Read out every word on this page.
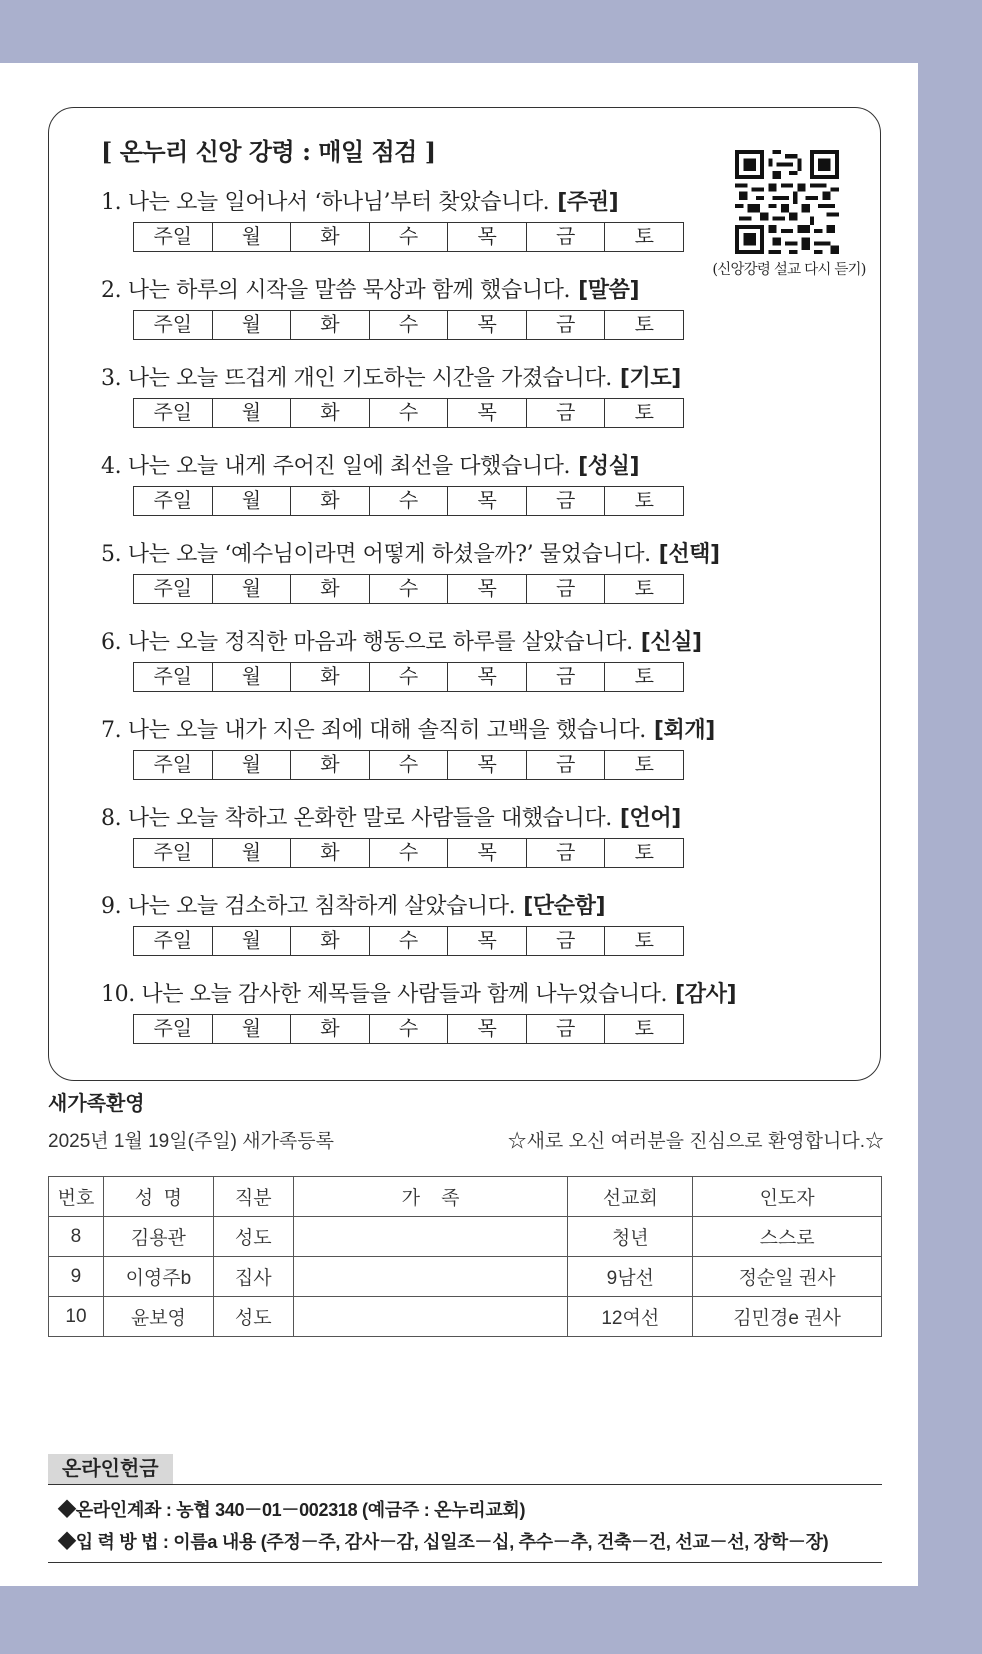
[ 온누리 신앙 강령 : 매일 점검 ]
(신앙강령 설교 다시 듣기)
1. 나는 오늘 일어나서 ‘하나님’부터 찾았습니다. [주권]
주일	월	화	수	목	금	토
2. 나는 하루의 시작을 말씀 묵상과 함께 했습니다. [말씀]
주일	월	화	수	목	금	토
3. 나는 오늘 뜨겁게 개인 기도하는 시간을 가졌습니다. [기도]
주일	월	화	수	목	금	토
4. 나는 오늘 내게 주어진 일에 최선을 다했습니다. [성실]
주일	월	화	수	목	금	토
5. 나는 오늘 ‘예수님이라면 어떻게 하셨을까?’ 물었습니다. [선택]
주일	월	화	수	목	금	토
6. 나는 오늘 정직한 마음과 행동으로 하루를 살았습니다. [신실]
주일	월	화	수	목	금	토
7. 나는 오늘 내가 지은 죄에 대해 솔직히 고백을 했습니다. [회개]
주일	월	화	수	목	금	토
8. 나는 오늘 착하고 온화한 말로 사람들을 대했습니다. [언어]
주일	월	화	수	목	금	토
9. 나는 오늘 검소하고 침착하게 살았습니다. [단순함]
주일	월	화	수	목	금	토
10. 나는 오늘 감사한 제목들을 사람들과 함께 나누었습니다. [감사]
주일	월	화	수	목	금	토
새가족환영
2025년 1월 19일(주일) 새가족등록	☆새로 오신 여러분을 진심으로 환영합니다.☆
번호	성  명	직분	가    족	선교회	인도자
8	김용관	성도		청년	스스로
9	이영주b	집사		9남선	정순일 권사
10	윤보영	성도		12여선	김민경e 권사
온라인헌금
◆온라인계좌 : 농협 340－01－002318 (예금주 : 온누리교회)
◆입 력 방 법 : 이름a 내용 (주정－주, 감사－감, 십일조－십, 추수－추, 건축－건, 선교－선, 장학－장)
